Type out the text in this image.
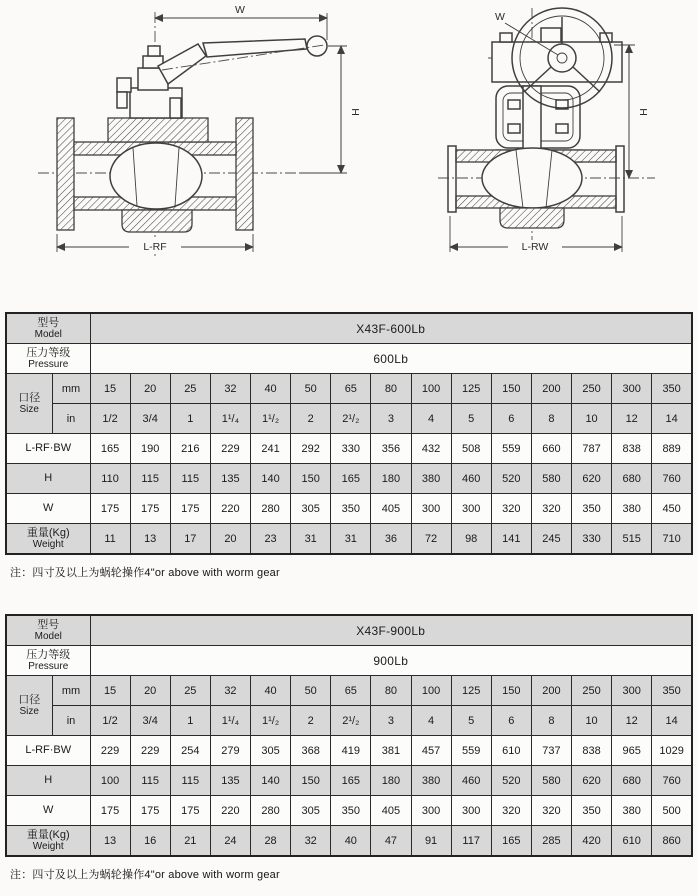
W
H
L-RF
W
H
L-RW
型号
Model		X43F-600Lb														

压力等级
Pressure		600Lb														

口径
Size	mm	15	20	25	32	40	50	65	80	100	125	150	200	250	300	350
	in	1/2	3/4	1	1¹/₄	1¹/₂	2	2¹/₂	3	4	5	6	8	10	12	14

L-RF·BW		165	190	216	229	241	292	330	356	432	508	559	660	787	838	889

H		110	115	115	135	140	150	165	180	380	460	520	580	620	680	760

W		175	175	175	220	280	305	350	405	300	300	320	320	350	380	450

重量(Kg)
Weight		11	13	17	20	23	31	31	36	72	98	141	245	330	515	710

注：四寸及以上为蜗轮操作4"or above with worm gear

型号
Model		X43F-900Lb														

压力等级
Pressure		900Lb														

口径
Size	mm	15	20	25	32	40	50	65	80	100	125	150	200	250	300	350
	in	1/2	3/4	1	1¹/₄	1¹/₂	2	2¹/₂	3	4	5	6	8	10	12	14

L-RF·BW		229	229	254	279	305	368	419	381	457	559	610	737	838	965	1029

H		100	115	115	135	140	150	165	180	380	460	520	580	620	680	760

W		175	175	175	220	280	305	350	405	300	300	320	320	350	380	500

重量(Kg)
Weight		13	16	21	24	28	32	40	47	91	117	165	285	420	610	860

注：四寸及以上为蜗轮操作4"or above with worm gear
